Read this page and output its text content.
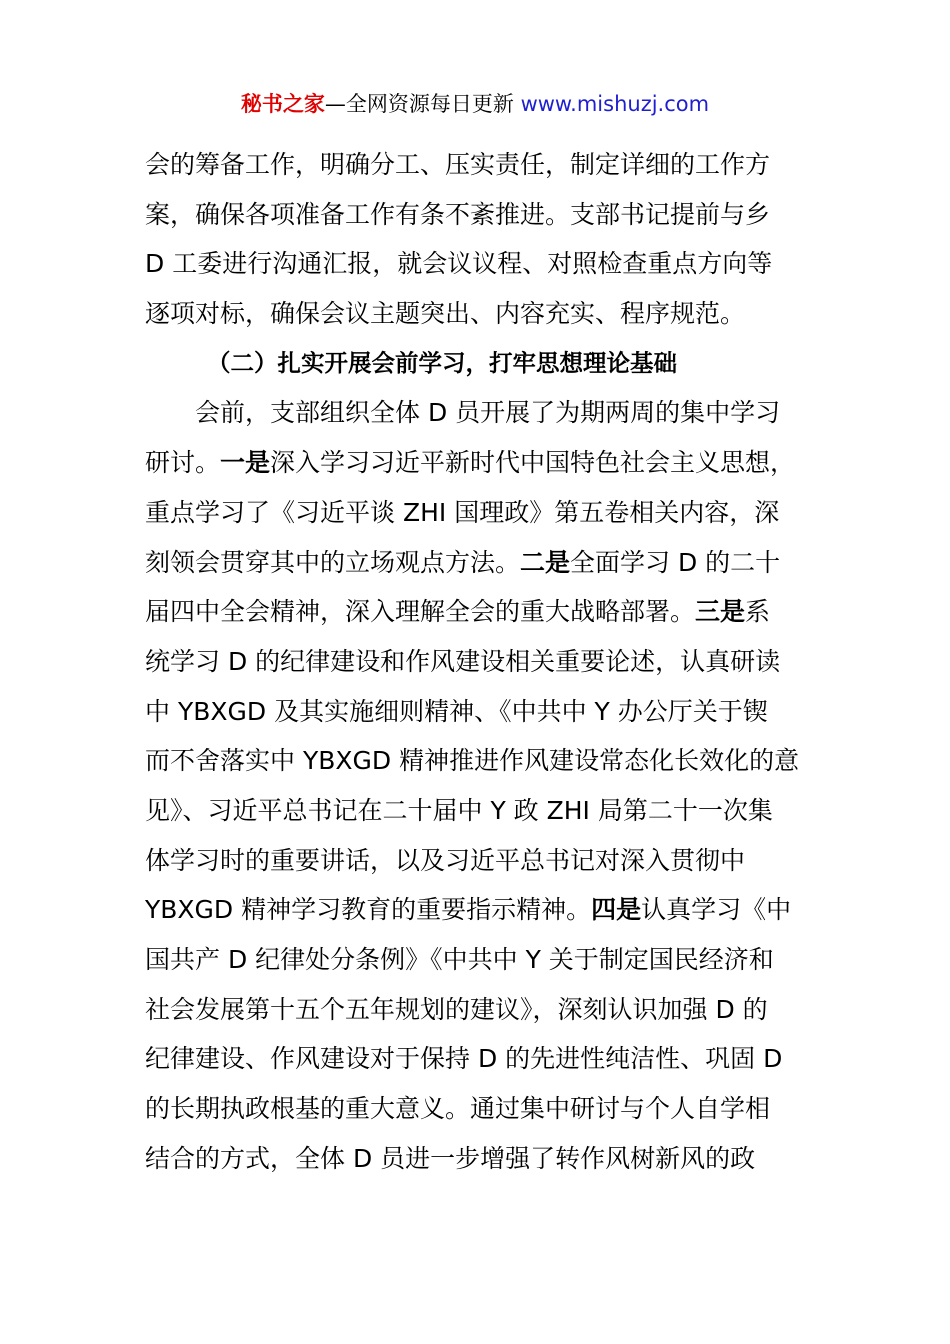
秘书之家—全网资源每日更新 www.mishuzj.com
会的筹备工作，明确分工、压实责任，制定详细的工作方
案，确保各项准备工作有条不紊推进。支部书记提前与乡
D 工委进行沟通汇报，就会议议程、对照检查重点方向等
逐项对标，确保会议主题突出、内容充实、程序规范。
（二）扎实开展会前学习，打牢思想理论基础
会前，支部组织全体 D 员开展了为期两周的集中学习
研讨。一是深入学习习近平新时代中国特色社会主义思想，
重点学习了《习近平谈 ZHI 国理政》第五卷相关内容，深
刻领会贯穿其中的立场观点方法。二是全面学习 D 的二十
届四中全会精神，深入理解全会的重大战略部署。三是系
统学习 D 的纪律建设和作风建设相关重要论述，认真研读
中 YBXGD 及其实施细则精神、《中共中 Y 办公厅关于锲
而不舍落实中 YBXGD 精神推进作风建设常态化长效化的意
见》、习近平总书记在二十届中 Y 政 ZHI 局第二十一次集
体学习时的重要讲话，以及习近平总书记对深入贯彻中
YBXGD 精神学习教育的重要指示精神。四是认真学习《中
国共产 D 纪律处分条例》《中共中 Y 关于制定国民经济和
社会发展第十五个五年规划的建议》，深刻认识加强 D 的
纪律建设、作风建设对于保持 D 的先进性纯洁性、巩固 D
的长期执政根基的重大意义。通过集中研讨与个人自学相
结合的方式，全体 D 员进一步增强了转作风树新风的政
